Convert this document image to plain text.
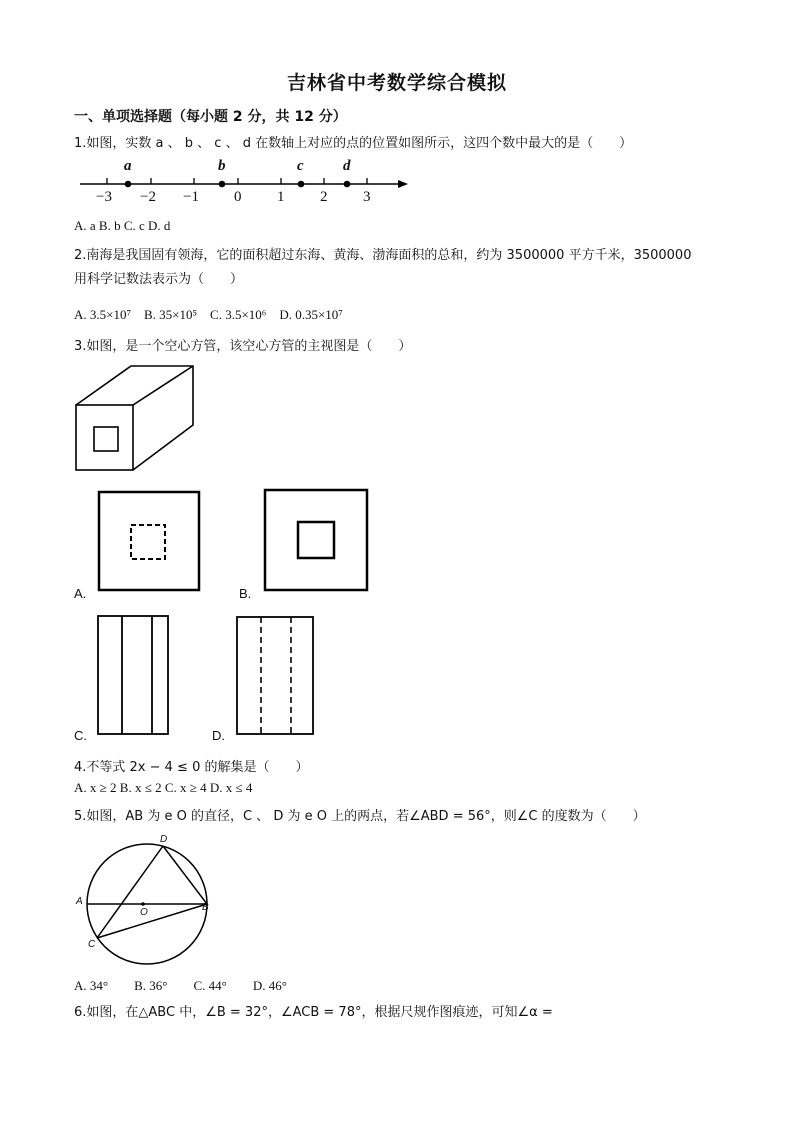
吉林省中考数学综合模拟
一、单项选择题（每小题 2 分，共 12 分）
1.如图，实数 a 、 b 、 c 、 d 在数轴上对应的点的位置如图所示，这四个数中最大的是（　　）
a	b	c	d
−3 −2 −1 0 1 2 3
A. a B. b C. c D. d
2.南海是我国固有领海，它的面积超过东海、黄海、渤海面积的总和，约为 3500000 平方千米，3500000
用科学记数法表示为（　　）
A. 3.5×10⁷　B. 35×10⁵　C. 3.5×10⁶　D. 0.35×10⁷
3.如图，是一个空心方管，该空心方管的主视图是（　　）
A.	B.
C.	D.
4.不等式 2x − 4 ≤ 0 的解集是（　　）
A. x ≥ 2 B. x ≤ 2 C. x ≥ 4 D. x ≤ 4
5.如图，AB 为 e O 的直径，C 、 D 为 e O 上的两点，若∠ABD = 56°，则∠C 的度数为（　　）
A
B
C
D
O
A. 34°　　B. 36°　　C. 44°　　D. 46°
6.如图，在△ABC 中，∠B = 32°，∠ACB = 78°，根据尺规作图痕迹，可知∠α =
